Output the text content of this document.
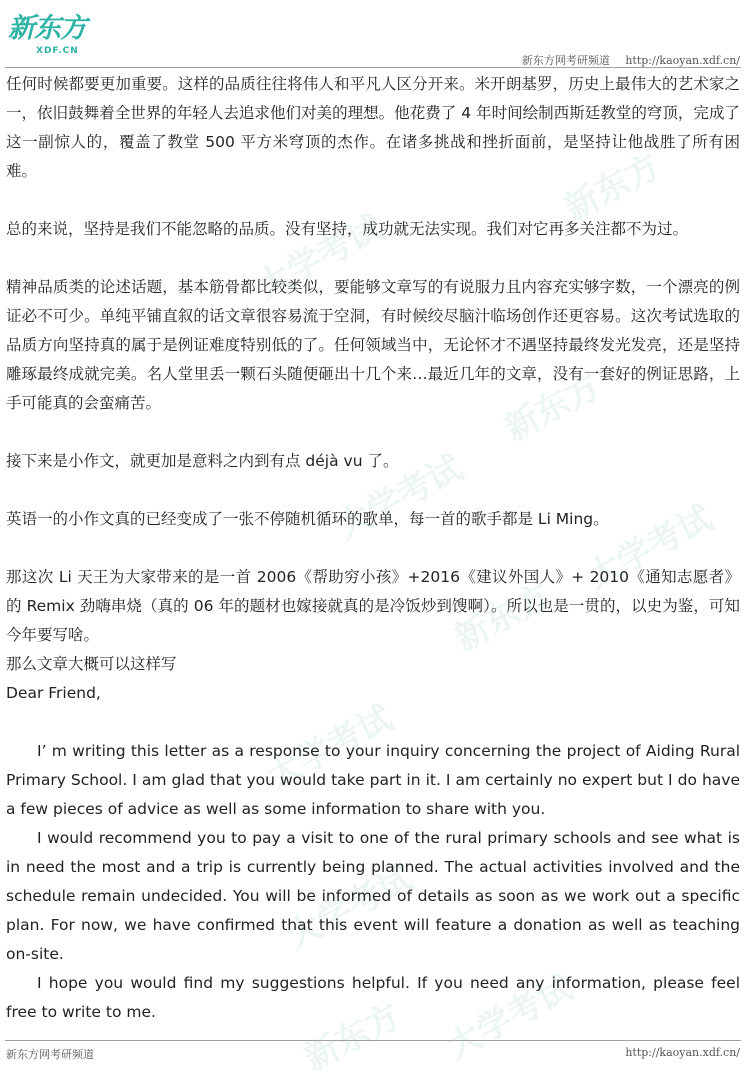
新东方
大学考试
新东方
大学考试
新东方
大学考试
大学考试
大学考试
新东方 大学考试
新东方
XDF.CN
新东方网考研频道 http://kaoyan.xdf.cn/

任何时候都要更加重要。这样的品质往往将伟人和平凡人区分开来。米开朗基罗，历史上最伟大的艺术家之一，依旧鼓舞着全世界的年轻人去追求他们对美的理想。他花费了 4 年时间绘制西斯廷教堂的穹顶，完成了这一副惊人的，覆盖了教堂 500 平方米穹顶的杰作。在诸多挑战和挫折面前，是坚持让他战胜了所有困难。

总的来说，坚持是我们不能忽略的品质。没有坚持，成功就无法实现。我们对它再多关注都不为过。

精神品质类的论述话题，基本筋骨都比较类似，要能够文章写的有说服力且内容充实够字数，一个漂亮的例证必不可少。单纯平铺直叙的话文章很容易流于空洞，有时候绞尽脑汁临场创作还更容易。这次考试选取的品质方向坚持真的属于是例证难度特别低的了。任何领域当中，无论怀才不遇坚持最终发光发亮，还是坚持雕琢最终成就完美。名人堂里丢一颗石头随便砸出十几个来…最近几年的文章，没有一套好的例证思路，上手可能真的会蛮痛苦。

接下来是小作文，就更加是意料之内到有点 déjà vu 了。

英语一的小作文真的已经变成了一张不停随机循环的歌单，每一首的歌手都是 Li Ming。

那这次 Li 天王为大家带来的是一首 2006《帮助穷小孩》+2016《建议外国人》+ 2010《通知志愿者》的 Remix 劲嗨串烧（真的 06 年的题材也嫁接就真的是冷饭炒到馊啊）。所以也是一贯的，以史为鉴，可知今年要写啥。

那么文章大概可以这样写

Dear Friend,

I’ m writing this letter as a response to your inquiry concerning the project of Aiding Rural Primary School. I am glad that you would take part in it. I am certainly no expert but I do have a few pieces of advice as well as some information to share with you.

I would recommend you to pay a visit to one of the rural primary schools and see what is in need the most and a trip is currently being planned. The actual activities involved and the schedule remain undecided. You will be informed of details as soon as we work out a specific plan. For now, we have confirmed that this event will feature a donation as well as teaching on-site.

I hope you would find my suggestions helpful. If you need any information, please feel free to write to me.

新东方网考研频道	http://kaoyan.xdf.cn/
